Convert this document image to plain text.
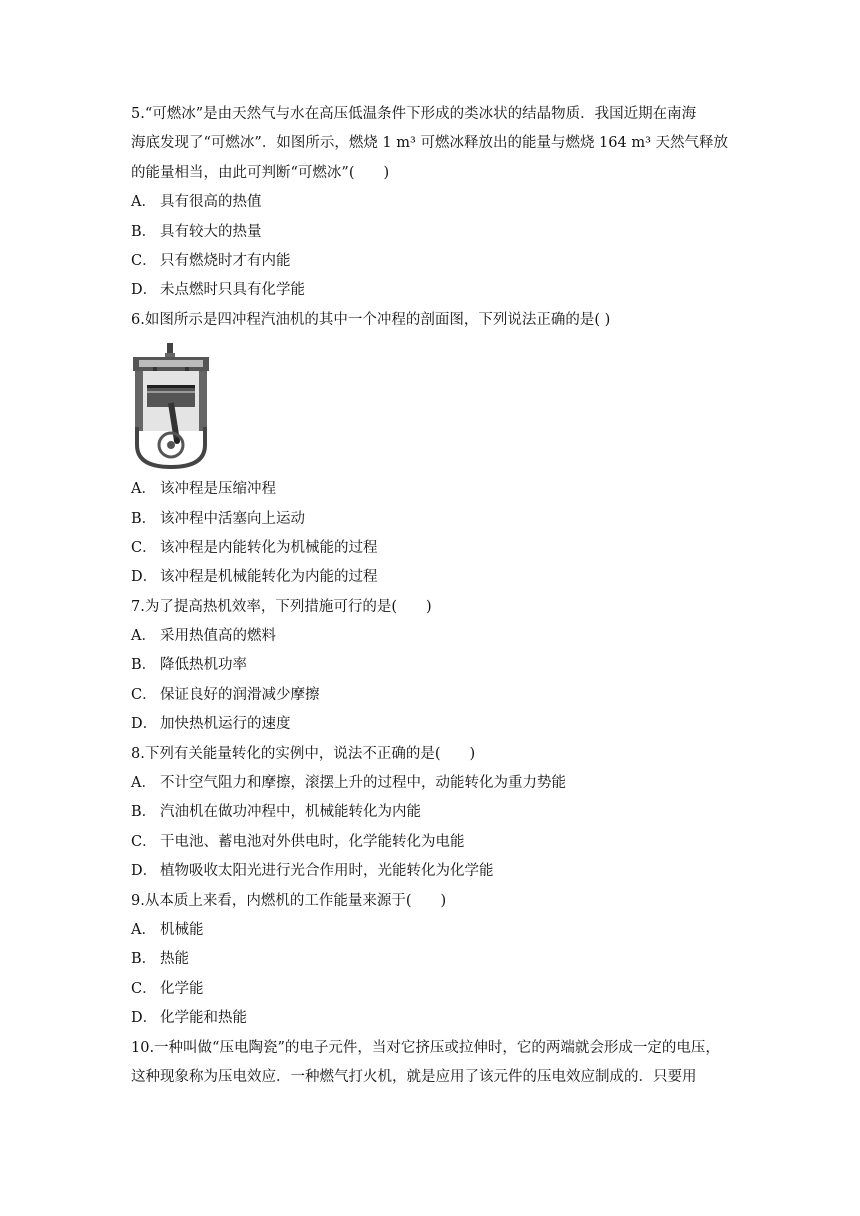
5.“可燃冰”是由天然气与水在高压低温条件下形成的类冰状的结晶物质．我国近期在南海
海底发现了“可燃冰”．如图所示，燃烧 1 m³ 可燃冰释放出的能量与燃烧 164 m³ 天然气释放
的能量相当，由此可判断“可燃冰”(　　)
A． 具有很高的热值
B． 具有较大的热量
C． 只有燃烧时才有内能
D． 未点燃时只具有化学能
6.如图所示是四冲程汽油机的其中一个冲程的剖面图，下列说法正确的是( )
A． 该冲程是压缩冲程
B． 该冲程中活塞向上运动
C． 该冲程是内能转化为机械能的过程
D． 该冲程是机械能转化为内能的过程
7.为了提高热机效率，下列措施可行的是(　　)
A． 采用热值高的燃料
B． 降低热机功率
C． 保证良好的润滑减少摩擦
D． 加快热机运行的速度
8.下列有关能量转化的实例中，说法不正确的是(　　)
A． 不计空气阻力和摩擦，滚摆上升的过程中，动能转化为重力势能
B． 汽油机在做功冲程中，机械能转化为内能
C． 干电池、蓄电池对外供电时，化学能转化为电能
D． 植物吸收太阳光进行光合作用时，光能转化为化学能
9.从本质上来看，内燃机的工作能量来源于(　　)
A． 机械能
B． 热能
C． 化学能
D． 化学能和热能
10.一种叫做“压电陶瓷”的电子元件，当对它挤压或拉伸时，它的两端就会形成一定的电压，
这种现象称为压电效应．一种燃气打火机，就是应用了该元件的压电效应制成的．只要用
